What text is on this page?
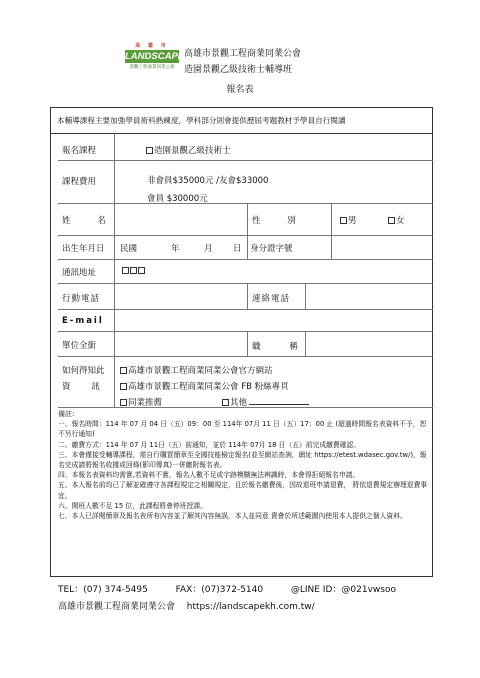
高 雄 市
LANDSCAPE
景觀工程商業同業公會
高雄市景觀工程商業同業公會
造園景觀乙級技術士輔導班
報名表
本輔導課程主要加強學員術科熟練度，學科部分則會提供歷屆考題教材予學員自行閱讀
報名課程	造園景觀乙級技術士
課程費用	非會員$35000元 /友會$33000
會員 $30000元
姓 名	性 別	男	女
出生年月日 民國	年	月 日 身分證字號
通訊地址
行動電話	連絡電話
E-mail
單位全銜	職 稱
如何得知此
資 訊
高雄市景觀工程商業同業公會官方網站
高雄市景觀工程商業同業公會 FB 粉絲專頁
同業推薦	其他
備註:
一、報名時間：114 年 07 月 04 日（五）09：00 至 114年 07月 11 日（五）17：00 止 (超過時間報名表資料不予，恕不另行通知)
二、繳費方式：114 年 07 月 11日（五）前通知，並於 114年 07月 18 日（五）前完成繳費確認。
三、本會僅接受輔導課程，需自行購買簡章至全國技能檢定報名(並至網站查詢，網址 https://etest.wdasec.gov.tw/)，報名完成請將報名收據或回條(影印傳真)一併繳附報名表。
四、本報名表資料均需實,若資料不實，報名人數不足或字跡模糊無法辨識時，本會得拒絕報名申請。
五、本人報名前均已了解並確遵守各課程規定之相關規定，且於報名繳費後，因故退班申請退費， 將依退費規定辦理退費事宜。
六、開班人數不足 15 位，此課程將會停班授課。
七、本人已詳閱簡章及報名表所有內容並了解其內容無誤，本人並同意 貴會於所述範圍內使用本人提供之個人資料。
TEL：(07) 374-5495	FAX：(07)372-5140	@LINE ID：@021vwsoo
高雄市景觀工程商業同業公會 https://landscapekh.com.tw/
